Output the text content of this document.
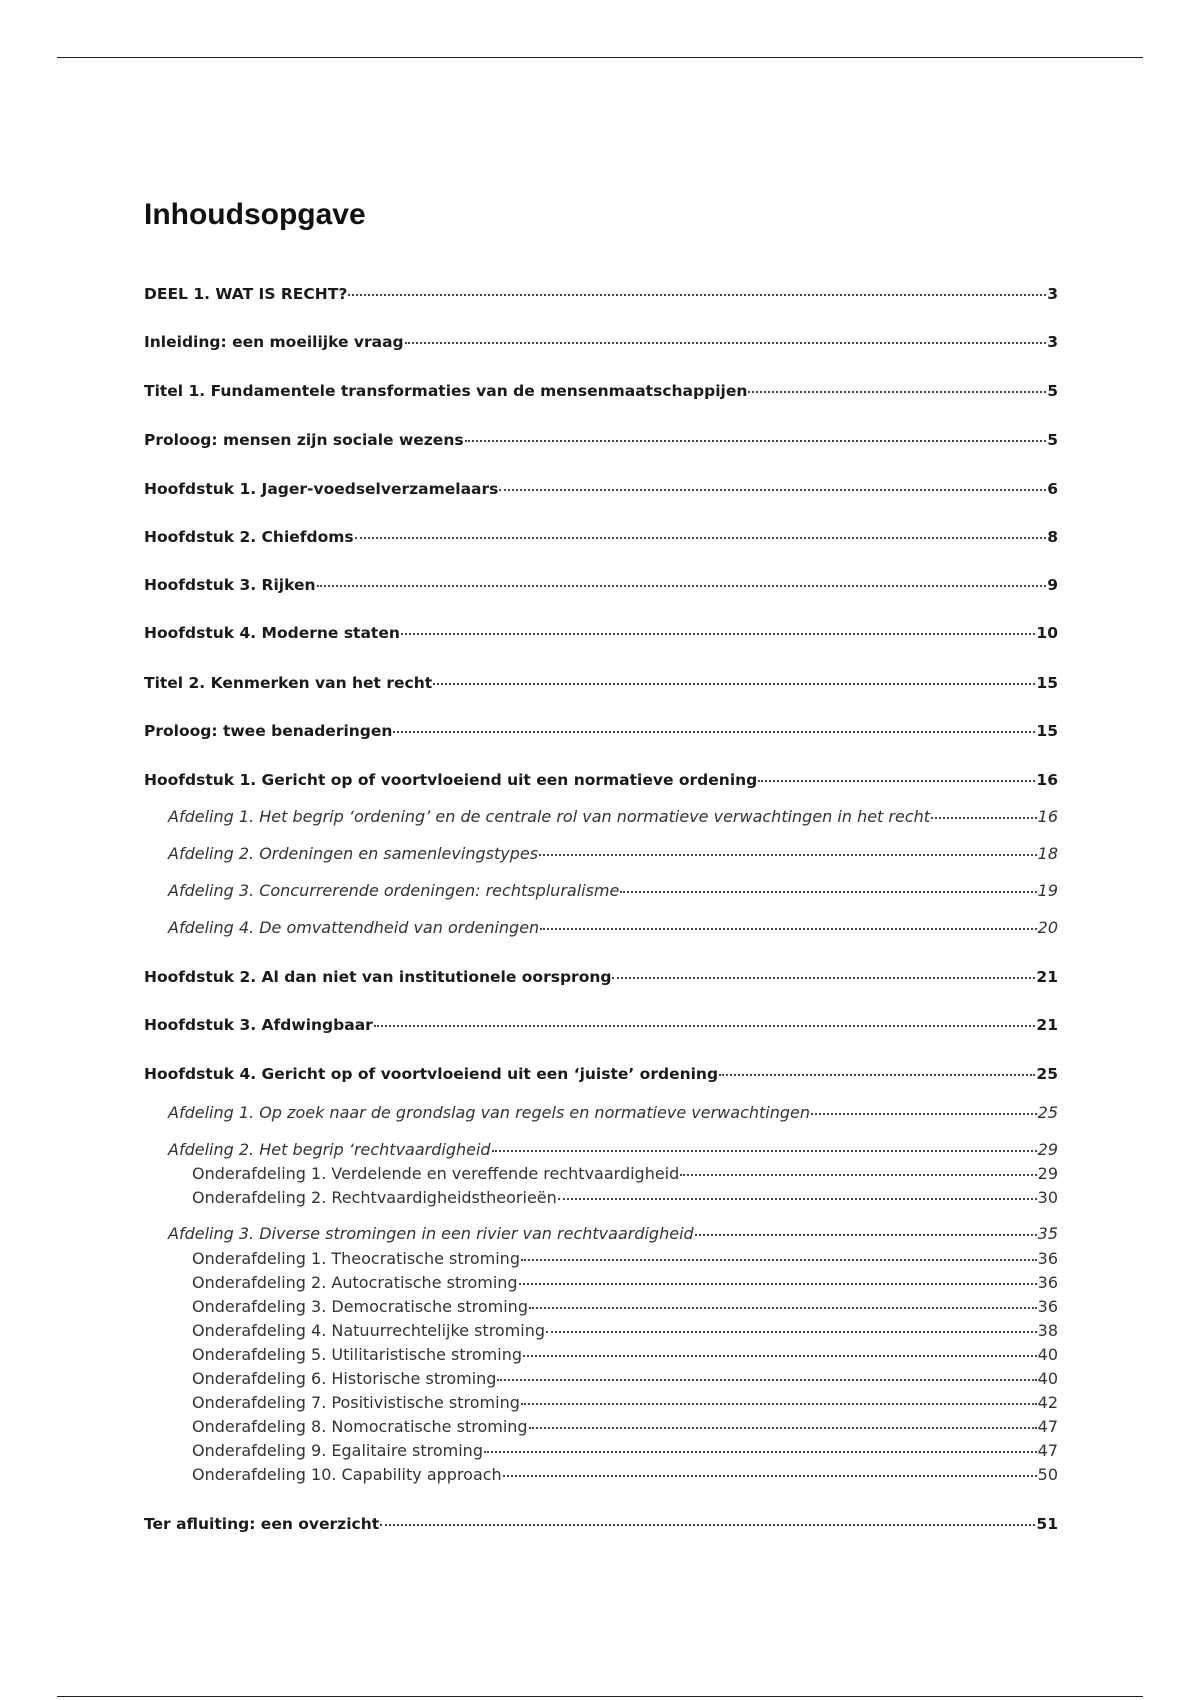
Inhoudsopgave
DEEL 1. WAT IS RECHT?	3
Inleiding: een moeilijke vraag	3
Titel 1. Fundamentele transformaties van de mensenmaatschappijen	5
Proloog: mensen zijn sociale wezens	5
Hoofdstuk 1. Jager-voedselverzamelaars	6
Hoofdstuk 2. Chiefdoms	8
Hoofdstuk 3. Rijken	9
Hoofdstuk 4. Moderne staten	10
Titel 2. Kenmerken van het recht	15
Proloog: twee benaderingen	15
Hoofdstuk 1. Gericht op of voortvloeiend uit een normatieve ordening	16
Afdeling 1. Het begrip ‘ordening’ en de centrale rol van normatieve verwachtingen in het recht	16
Afdeling 2. Ordeningen en samenlevingstypes	18
Afdeling 3. Concurrerende ordeningen: rechtspluralisme	19
Afdeling 4. De omvattendheid van ordeningen	20
Hoofdstuk 2. Al dan niet van institutionele oorsprong	21
Hoofdstuk 3. Afdwingbaar	21
Hoofdstuk 4. Gericht op of voortvloeiend uit een ‘juiste’ ordening	25
Afdeling 1. Op zoek naar de grondslag van regels en normatieve verwachtingen	25
Afdeling 2. Het begrip ‘rechtvaardigheid	29
Onderafdeling 1. Verdelende en vereffende rechtvaardigheid	29
Onderafdeling 2. Rechtvaardigheidstheorieën	30
Afdeling 3. Diverse stromingen in een rivier van rechtvaardigheid	35
Onderafdeling 1. Theocratische stroming	36
Onderafdeling 2. Autocratische stroming	36
Onderafdeling 3. Democratische stroming	36
Onderafdeling 4. Natuurrechtelijke stroming	38
Onderafdeling 5. Utilitaristische stroming	40
Onderafdeling 6. Historische stroming	40
Onderafdeling 7. Positivistische stroming	42
Onderafdeling 8. Nomocratische stroming	47
Onderafdeling 9. Egalitaire stroming	47
Onderafdeling 10. Capability approach	50
Ter afluiting: een overzicht	51
